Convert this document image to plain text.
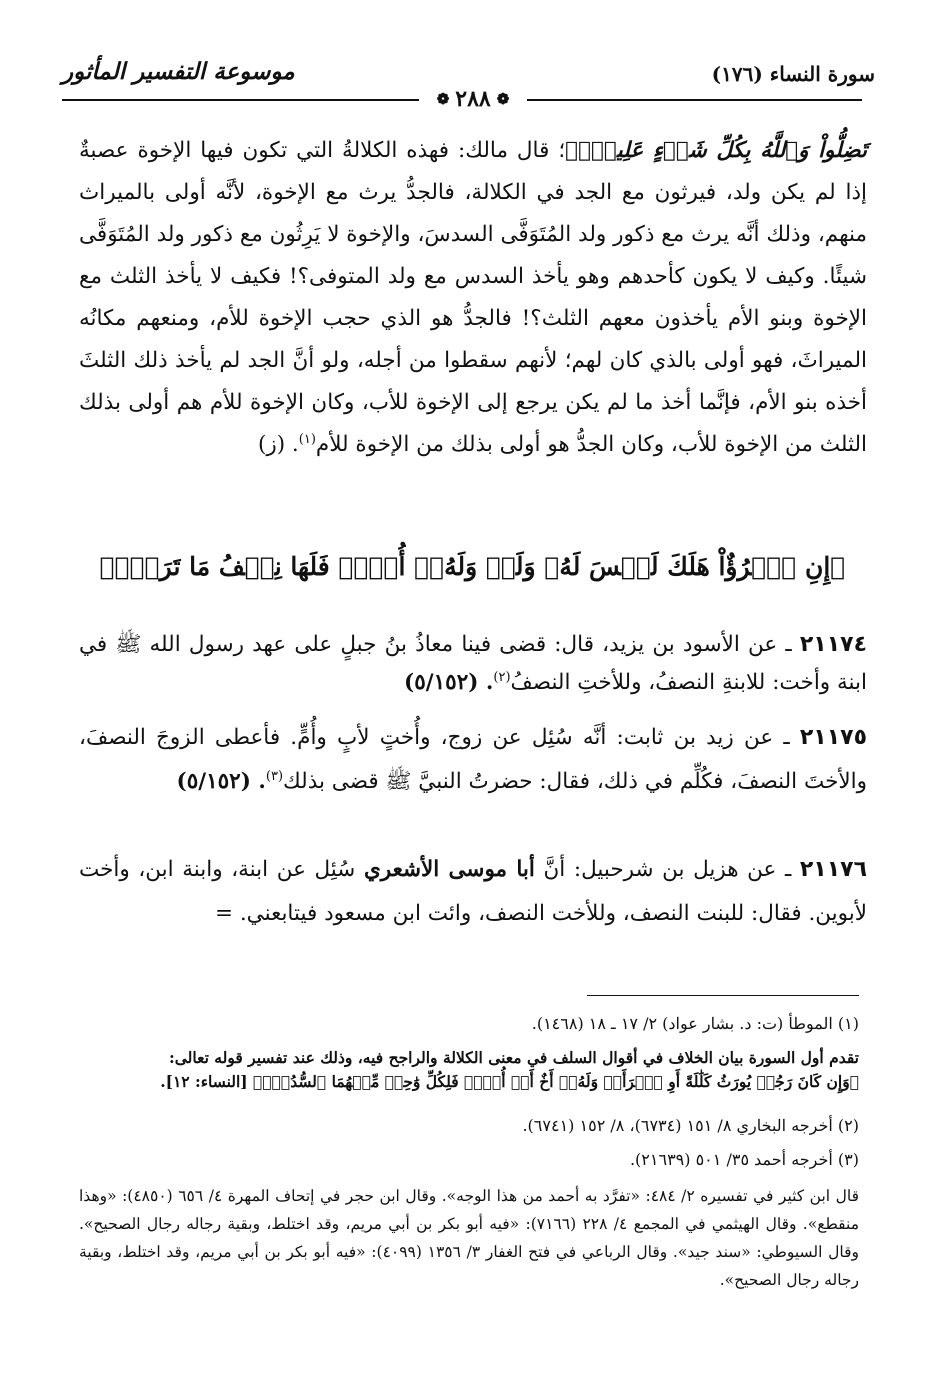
سورة النساء (١٧٦)
موسوعة التفسير المأثور
❁
٢٨٨
❁

تَضِلُّواْ وَٱللَّهُ بِكُلِّ شَيۡءٍ عَلِيمُۢ﴾؛ قال مالك: فهذه الكلالةُ التي تكون فيها الإخوة عصبةٌ إذا لم يكن ولد، فيرثون مع الجد في الكلالة، فالجدُّ يرث مع الإخوة، لأنَّه أولى بالميراث منهم، وذلك أنَّه يرث مع ذكور ولد المُتَوَفَّى السدسَ، والإخوة لا يَرِثُون مع ذكور ولد المُتَوَفَّى شيئًا. وكيف لا يكون كأحدهم وهو يأخذ السدس مع ولد المتوفى؟! فكيف لا يأخذ الثلث مع الإخوة وبنو الأم يأخذون معهم الثلث؟! فالجدُّ هو الذي حجب الإخوة للأم، ومنعهم مكانُه الميراثَ، فهو أولى بالذي كان لهم؛ لأنهم سقطوا من أجله، ولو أنَّ الجد لم يأخذ ذلك الثلثَ أخذه بنو الأم، فإنَّما أخذ ما لم يكن يرجع إلى الإخوة للأب، وكان الإخوة للأم هم أولى بذلك الثلث من الإخوة للأب، وكان الجدُّ هو أولى بذلك من الإخوة للأم$^{(١)}$. (ز)

﴿إِنِ ٱمۡرُؤٌاْ هَلَكَ لَيۡسَ لَهُۥ وَلَدٞ وَلَهُۥٓ أُخۡتٞ فَلَهَا نِصۡفُ مَا تَرَكَۚ﴾

٢١١٧٤ ـ عن الأسود بن يزيد، قال: قضى فينا معاذُ بنُ جبلٍ على عهد رسول الله ﷺ في ابنة وأخت: للابنةِ النصفُ، وللأختِ النصفُ$^{(٢)}$. (٥/١٥٢)

٢١١٧٥ ـ عن زيد بن ثابت: أنَّه سُئِل عن زوج، وأُختٍ لأبٍ وأُمٍّ. فأعطى الزوجَ النصفَ، والأختَ النصفَ، فكُلِّم في ذلك، فقال: حضرتُ النبيَّ ﷺ قضى بذلك$^{(٣)}$. (٥/١٥٢)

٢١١٧٦ ـ عن هزيل بن شرحبيل: أنَّ أبا موسى الأشعري سُئِل عن ابنة، وابنة ابن، وأخت لأبوين. فقال: للبنت النصف، وللأخت النصف، وائت ابن مسعود فيتابعني. =

(١) الموطأ (ت: د. بشار عواد) ٢/ ١٧ ـ ١٨ (١٤٦٨).

تقدم أول السورة بيان الخلاف في أقوال السلف في معنى الكلالة والراجح فيه، وذلك عند تفسير قوله تعالى:
﴿وَإِن كَانَ رَجُلٞ يُورَثُ كَلَٰلَةً أَوِ ٱمۡرَأَةٞ وَلَهُۥٓ أَخٌ أَوۡ أُخۡتٞ فَلِكُلِّ وَٰحِدٖ مِّنۡهُمَا ٱلسُّدُسُۚ﴾ [النساء: ١٢].

(٢) أخرجه البخاري ٨/ ١٥١ (٦٧٣٤)، ٨/ ١٥٢ (٦٧٤١).

(٣) أخرجه أحمد ٣٥/ ٥٠١ (٢١٦٣٩).

قال ابن كثير في تفسيره ٢/ ٤٨٤: «تفرَّد به أحمد من هذا الوجه». وقال ابن حجر في إتحاف المهرة ٤/ ٦٥٦ (٤٨٥٠): «وهذا منقطع». وقال الهيثمي في المجمع ٤/ ٢٢٨ (٧١٦٦): «فيه أبو بكر بن أبي مريم، وقد اختلط، وبقية رجاله رجال الصحيح». وقال السيوطي: «سند جيد». وقال الرباعي في فتح الغفار ٣/ ١٣٥٦ (٤٠٩٩): «فيه أبو بكر بن أبي مريم، وقد اختلط، وبقية رجاله رجال الصحيح».
